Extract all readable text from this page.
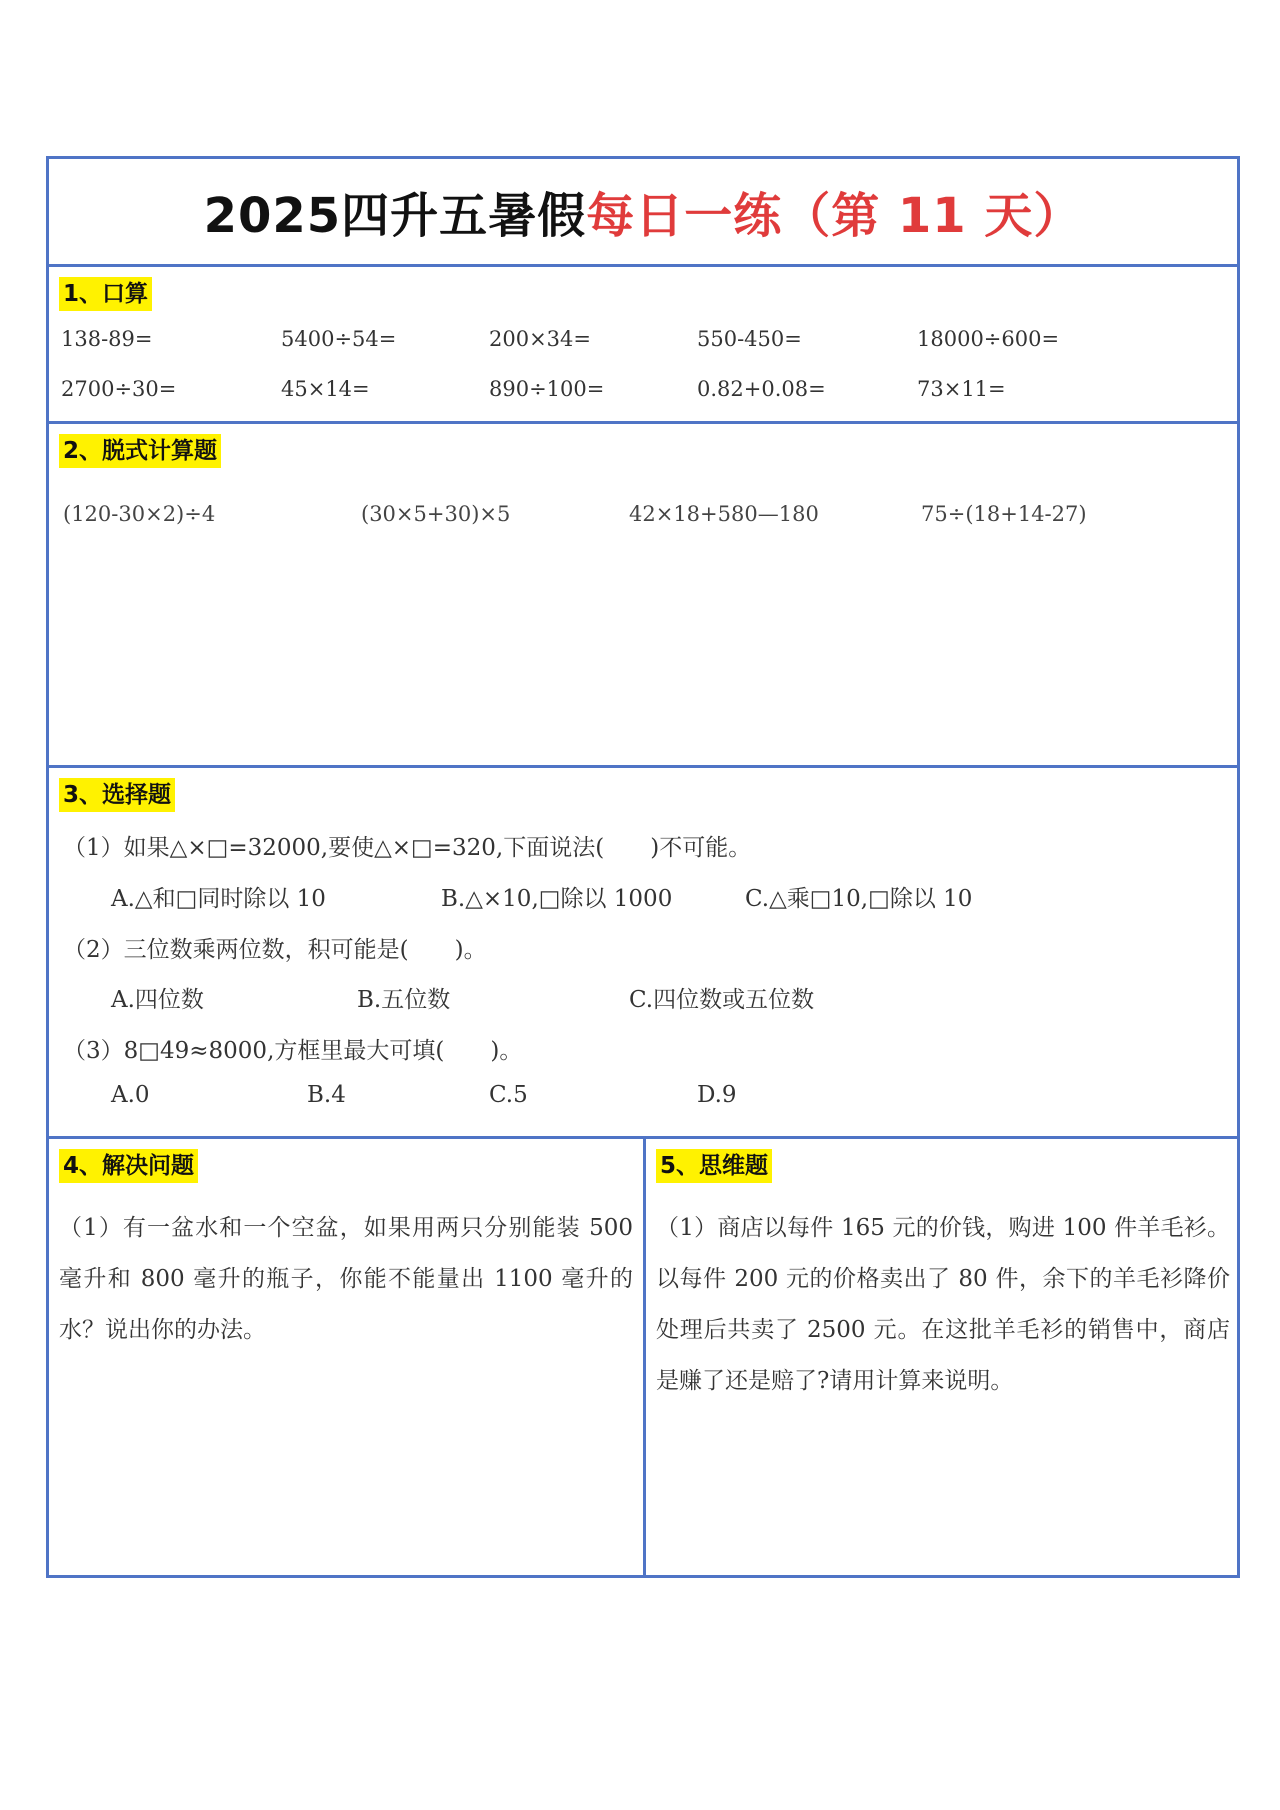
2025四升五暑假每日一练（第 11 天）
1、口算
138-89=	5400÷54=	200×34=	550-450=	18000÷600=
2700÷30=	45×14=	890÷100=	0.82+0.08=	73×11=
2、脱式计算题
(120-30×2)÷4	(30×5+30)×5	42×18+580—180	75÷(18+14-27)
3、选择题
（1）如果△×□=32000,要使△×□=320,下面说法(　　)不可能。
A.△和□同时除以 10	B.△×10,□除以 1000	C.△乘□10,□除以 10
（2）三位数乘两位数，积可能是(　　)。
A.四位数	B.五位数	C.四位数或五位数
（3）8□49≈8000,方框里最大可填(　　)。
A.0	B.4	C.5	D.9
4、解决问题
（1）有一盆水和一个空盆，如果用两只分别能装 500 毫升和 800 毫升的瓶子，你能不能量出 1100 毫升的水？说出你的办法。
5、思维题
（1）商店以每件 165 元的价钱，购进 100 件羊毛衫。以每件 200 元的价格卖出了 80 件，余下的羊毛衫降价处理后共卖了 2500 元。在这批羊毛衫的销售中，商店是赚了还是赔了?请用计算来说明。
